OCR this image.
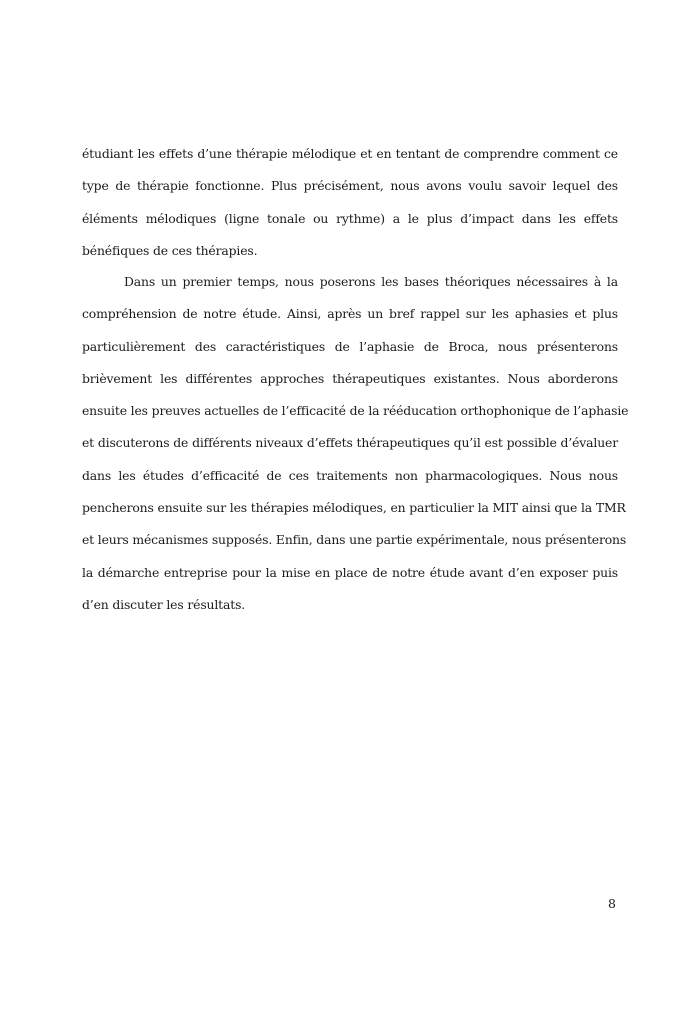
étudiant les effets d’une thérapie mélodique et en tentant de comprendre comment ce
type de thérapie fonctionne. Plus précisément, nous avons voulu savoir lequel des
éléments mélodiques (ligne tonale ou rythme) a le plus d’impact dans les effets
bénéfiques de ces thérapies.
Dans un premier temps, nous poserons les bases théoriques nécessaires à la
compréhension de notre étude. Ainsi, après un bref rappel sur les aphasies et plus
particulièrement des caractéristiques de l’aphasie de Broca, nous présenterons
brièvement les différentes approches thérapeutiques existantes. Nous aborderons
ensuite les preuves actuelles de l’efficacité de la rééducation orthophonique de l’aphasie
et discuterons de différents niveaux d’effets thérapeutiques qu’il est possible d’évaluer
dans les études d’efficacité de ces traitements non pharmacologiques. Nous nous
pencherons ensuite sur les thérapies mélodiques, en particulier la MIT ainsi que la TMR
et leurs mécanismes supposés. Enfin, dans une partie expérimentale, nous présenterons
la démarche entreprise pour la mise en place de notre étude avant d’en exposer puis
d’en discuter les résultats.
8
